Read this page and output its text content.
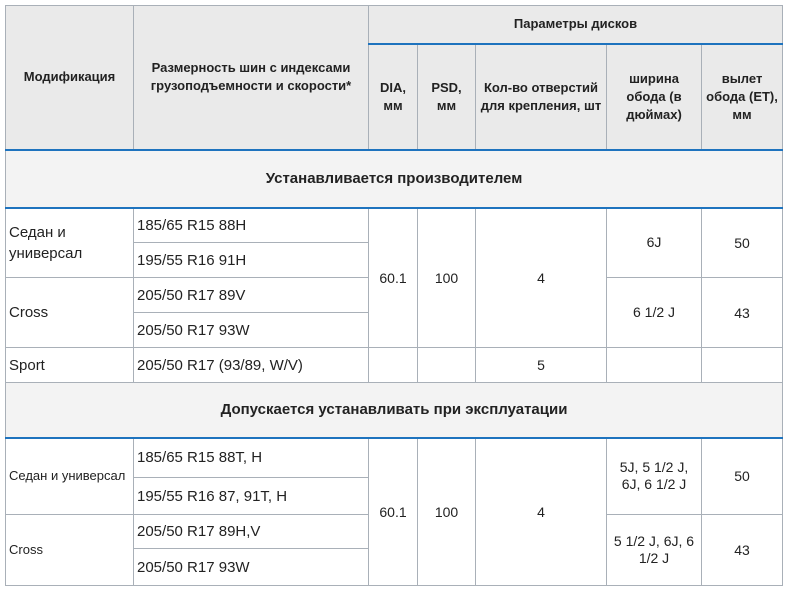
Модификация	Размерность шин с индексами грузоподъемности и скорости*	Параметры дисков				
		DIA, мм	PSD, мм	Кол-во отверстий для крепления, шт	ширина обода (в дюймах)	вылет обода (ET), мм
Устанавливается производителем						
Седан и универсал	185/65 R15 88H	60.1	100	4	6J	50
	195/55 R16 91H					
Cross	205/50 R17 89V				6 1/2 J	43
	205/50 R17 93W					
Sport	205/50 R17 (93/89, W/V)			5		
Допускается устанавливать при эксплуатации						
Седан и универсал	185/65 R15 88T, H	60.1	100	4	5J, 5 1/2 J, 6J, 6 1/2 J	50
	195/55 R16 87, 91T, H					
Cross	205/50 R17 89H,V				5 1/2 J, 6J, 6 1/2 J	43
	205/50 R17 93W					
